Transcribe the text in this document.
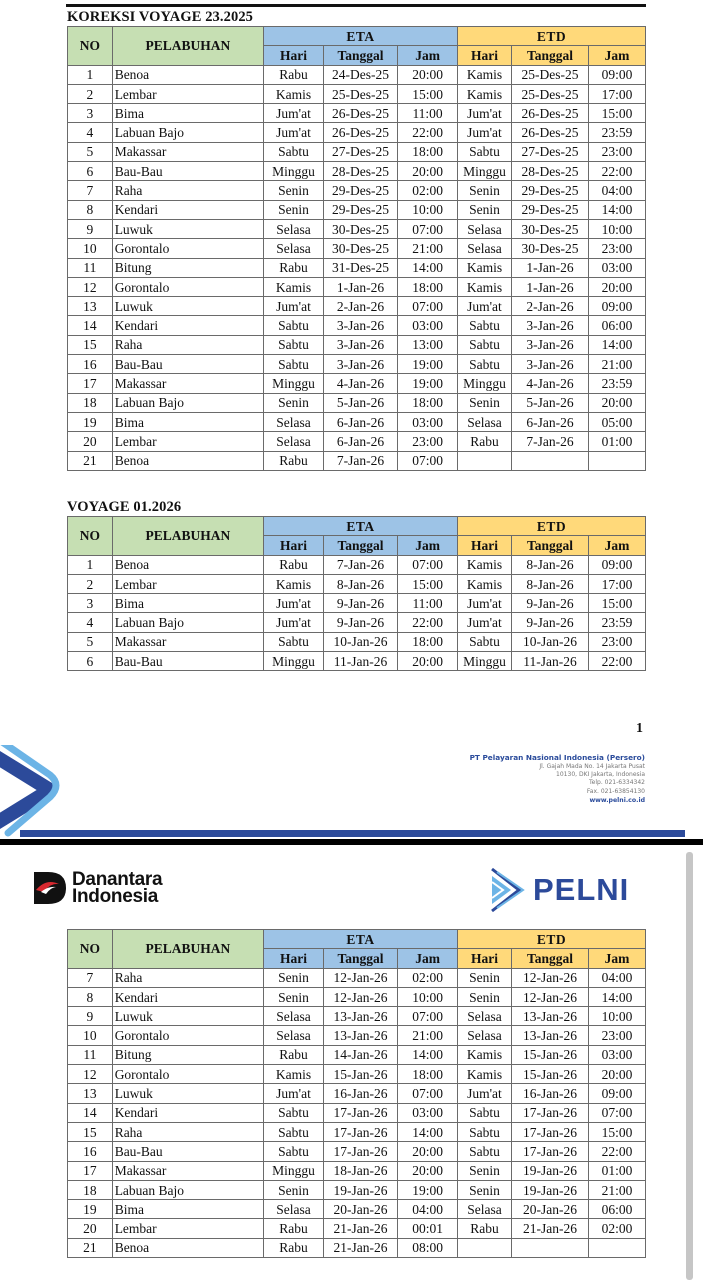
KOREKSI VOYAGE 23.2025
NO	PELABUHAN	ETA			ETD		
		Hari	Tanggal	Jam	Hari	Tanggal	Jam
1	Benoa	Rabu	24-Des-25	20:00	Kamis	25-Des-25	09:00
2	Lembar	Kamis	25-Des-25	15:00	Kamis	25-Des-25	17:00
3	Bima	Jum'at	26-Des-25	11:00	Jum'at	26-Des-25	15:00
4	Labuan Bajo	Jum'at	26-Des-25	22:00	Jum'at	26-Des-25	23:59
5	Makassar	Sabtu	27-Des-25	18:00	Sabtu	27-Des-25	23:00
6	Bau-Bau	Minggu	28-Des-25	20:00	Minggu	28-Des-25	22:00
7	Raha	Senin	29-Des-25	02:00	Senin	29-Des-25	04:00
8	Kendari	Senin	29-Des-25	10:00	Senin	29-Des-25	14:00
9	Luwuk	Selasa	30-Des-25	07:00	Selasa	30-Des-25	10:00
10	Gorontalo	Selasa	30-Des-25	21:00	Selasa	30-Des-25	23:00
11	Bitung	Rabu	31-Des-25	14:00	Kamis	1-Jan-26	03:00
12	Gorontalo	Kamis	1-Jan-26	18:00	Kamis	1-Jan-26	20:00
13	Luwuk	Jum'at	2-Jan-26	07:00	Jum'at	2-Jan-26	09:00
14	Kendari	Sabtu	3-Jan-26	03:00	Sabtu	3-Jan-26	06:00
15	Raha	Sabtu	3-Jan-26	13:00	Sabtu	3-Jan-26	14:00
16	Bau-Bau	Sabtu	3-Jan-26	19:00	Sabtu	3-Jan-26	21:00
17	Makassar	Minggu	4-Jan-26	19:00	Minggu	4-Jan-26	23:59
18	Labuan Bajo	Senin	5-Jan-26	18:00	Senin	5-Jan-26	20:00
19	Bima	Selasa	6-Jan-26	03:00	Selasa	6-Jan-26	05:00
20	Lembar	Selasa	6-Jan-26	23:00	Rabu	7-Jan-26	01:00
21	Benoa	Rabu	7-Jan-26	07:00			
VOYAGE 01.2026
NO	PELABUHAN	ETA			ETD		
		Hari	Tanggal	Jam	Hari	Tanggal	Jam
1	Benoa	Rabu	7-Jan-26	07:00	Kamis	8-Jan-26	09:00
2	Lembar	Kamis	8-Jan-26	15:00	Kamis	8-Jan-26	17:00
3	Bima	Jum'at	9-Jan-26	11:00	Jum'at	9-Jan-26	15:00
4	Labuan Bajo	Jum'at	9-Jan-26	22:00	Jum'at	9-Jan-26	23:59
5	Makassar	Sabtu	10-Jan-26	18:00	Sabtu	10-Jan-26	23:00
6	Bau-Bau	Minggu	11-Jan-26	20:00	Minggu	11-Jan-26	22:00
1
PT Pelayaran Nasional Indonesia (Persero)
Jl. Gajah Mada No. 14 Jakarta Pusat
10130, DKI Jakarta, Indonesia
Telp. 021-6334342
Fax. 021-63854130
www.pelni.co.id
Danantara
Indonesia	PELNI
NO	PELABUHAN	ETA			ETD		
		Hari	Tanggal	Jam	Hari	Tanggal	Jam
7	Raha	Senin	12-Jan-26	02:00	Senin	12-Jan-26	04:00
8	Kendari	Senin	12-Jan-26	10:00	Senin	12-Jan-26	14:00
9	Luwuk	Selasa	13-Jan-26	07:00	Selasa	13-Jan-26	10:00
10	Gorontalo	Selasa	13-Jan-26	21:00	Selasa	13-Jan-26	23:00
11	Bitung	Rabu	14-Jan-26	14:00	Kamis	15-Jan-26	03:00
12	Gorontalo	Kamis	15-Jan-26	18:00	Kamis	15-Jan-26	20:00
13	Luwuk	Jum'at	16-Jan-26	07:00	Jum'at	16-Jan-26	09:00
14	Kendari	Sabtu	17-Jan-26	03:00	Sabtu	17-Jan-26	07:00
15	Raha	Sabtu	17-Jan-26	14:00	Sabtu	17-Jan-26	15:00
16	Bau-Bau	Sabtu	17-Jan-26	20:00	Sabtu	17-Jan-26	22:00
17	Makassar	Minggu	18-Jan-26	20:00	Senin	19-Jan-26	01:00
18	Labuan Bajo	Senin	19-Jan-26	19:00	Senin	19-Jan-26	21:00
19	Bima	Selasa	20-Jan-26	04:00	Selasa	20-Jan-26	06:00
20	Lembar	Rabu	21-Jan-26	00:01	Rabu	21-Jan-26	02:00
21	Benoa	Rabu	21-Jan-26	08:00			
